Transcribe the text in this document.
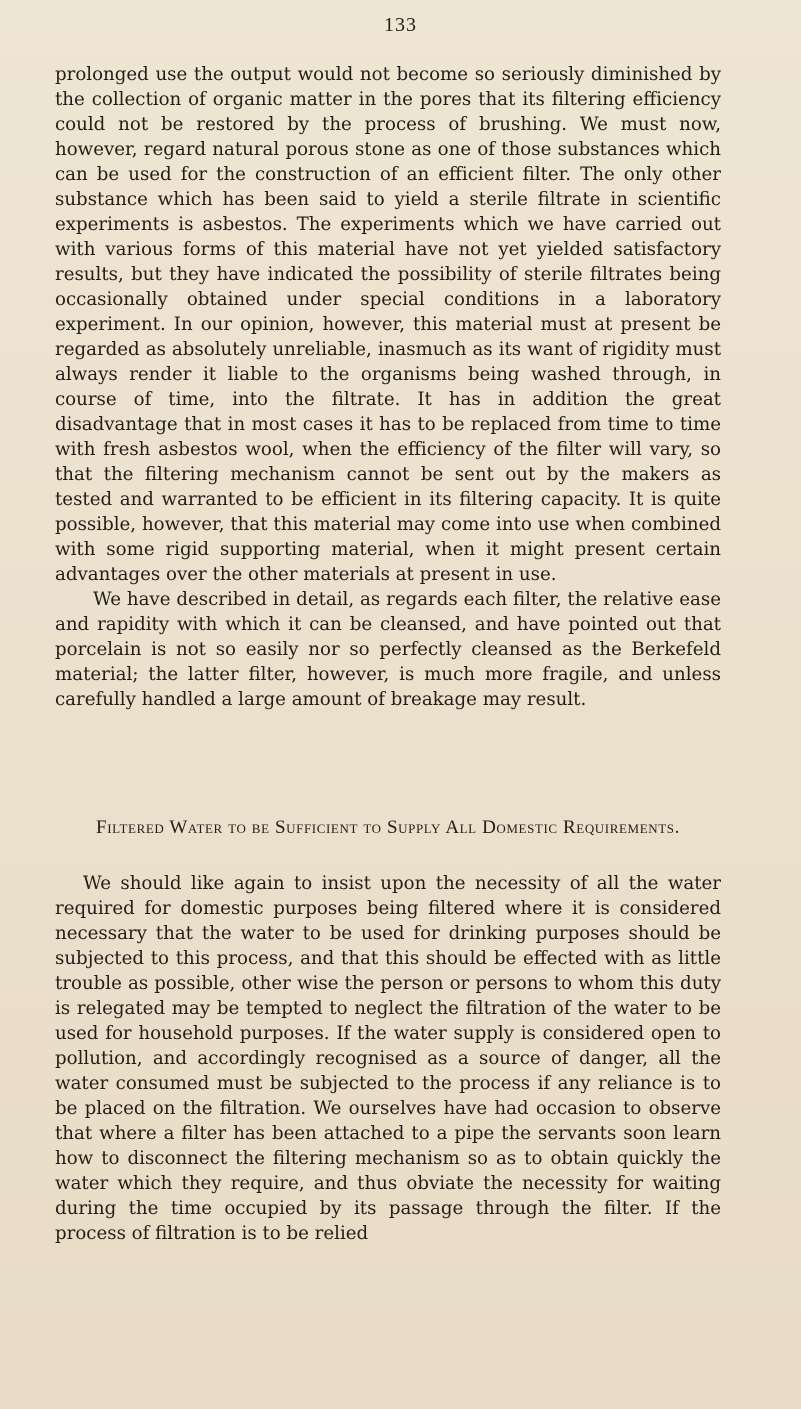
133

prolonged use the output would not become so seriously diminished by the collection of organic matter in the pores that its filtering efficiency could not be restored by the process of brushing. We must now, however, regard natural porous stone as one of those substances which can be used for the construction of an efficient filter. The only other substance which has been said to yield a sterile filtrate in scientific experiments is asbestos. The experiments which we have carried out with various forms of this material have not yet yielded satisfactory results, but they have indicated the possibility of sterile filtrates being occasionally obtained under special conditions in a laboratory experiment. In our opinion, however, this material must at present be regarded as absolutely unreliable, inasmuch as its want of rigidity must always render it liable to the organisms being washed through, in course of time, into the filtrate. It has in addition the great disadvantage that in most cases it has to be replaced from time to time with fresh asbestos wool, when the efficiency of the filter will vary, so that the filtering mechanism cannot be sent out by the makers as tested and warranted to be efficient in its filtering capacity. It is quite possible, however, that this material may come into use when combined with some rigid supporting material, when it might present certain advantages over the other materials at present in use.

We have described in detail, as regards each filter, the relative ease and rapidity with which it can be cleansed, and have pointed out that porcelain is not so easily nor so perfectly cleansed as the Berkefeld material; the latter filter, however, is much more fragile, and unless carefully handled a large amount of breakage may result.

Filtered Water to be Sufficient to Supply All Domestic Requirements.

We should like again to insist upon the necessity of all the water required for domestic purposes being filtered where it is considered necessary that the water to be used for drinking purposes should be subjected to this process, and that this should be effected with as little trouble as possible, other wise the person or persons to whom this duty is relegated may be tempted to neglect the filtration of the water to be used for household purposes. If the water supply is considered open to pollution, and accordingly recognised as a source of danger, all the water consumed must be subjected to the process if any reliance is to be placed on the filtration. We ourselves have had occasion to observe that where a filter has been attached to a pipe the servants soon learn how to disconnect the filtering mechanism so as to obtain quickly the water which they require, and thus obviate the necessity for waiting during the time occupied by its passage through the filter. If the process of filtration is to be relied
